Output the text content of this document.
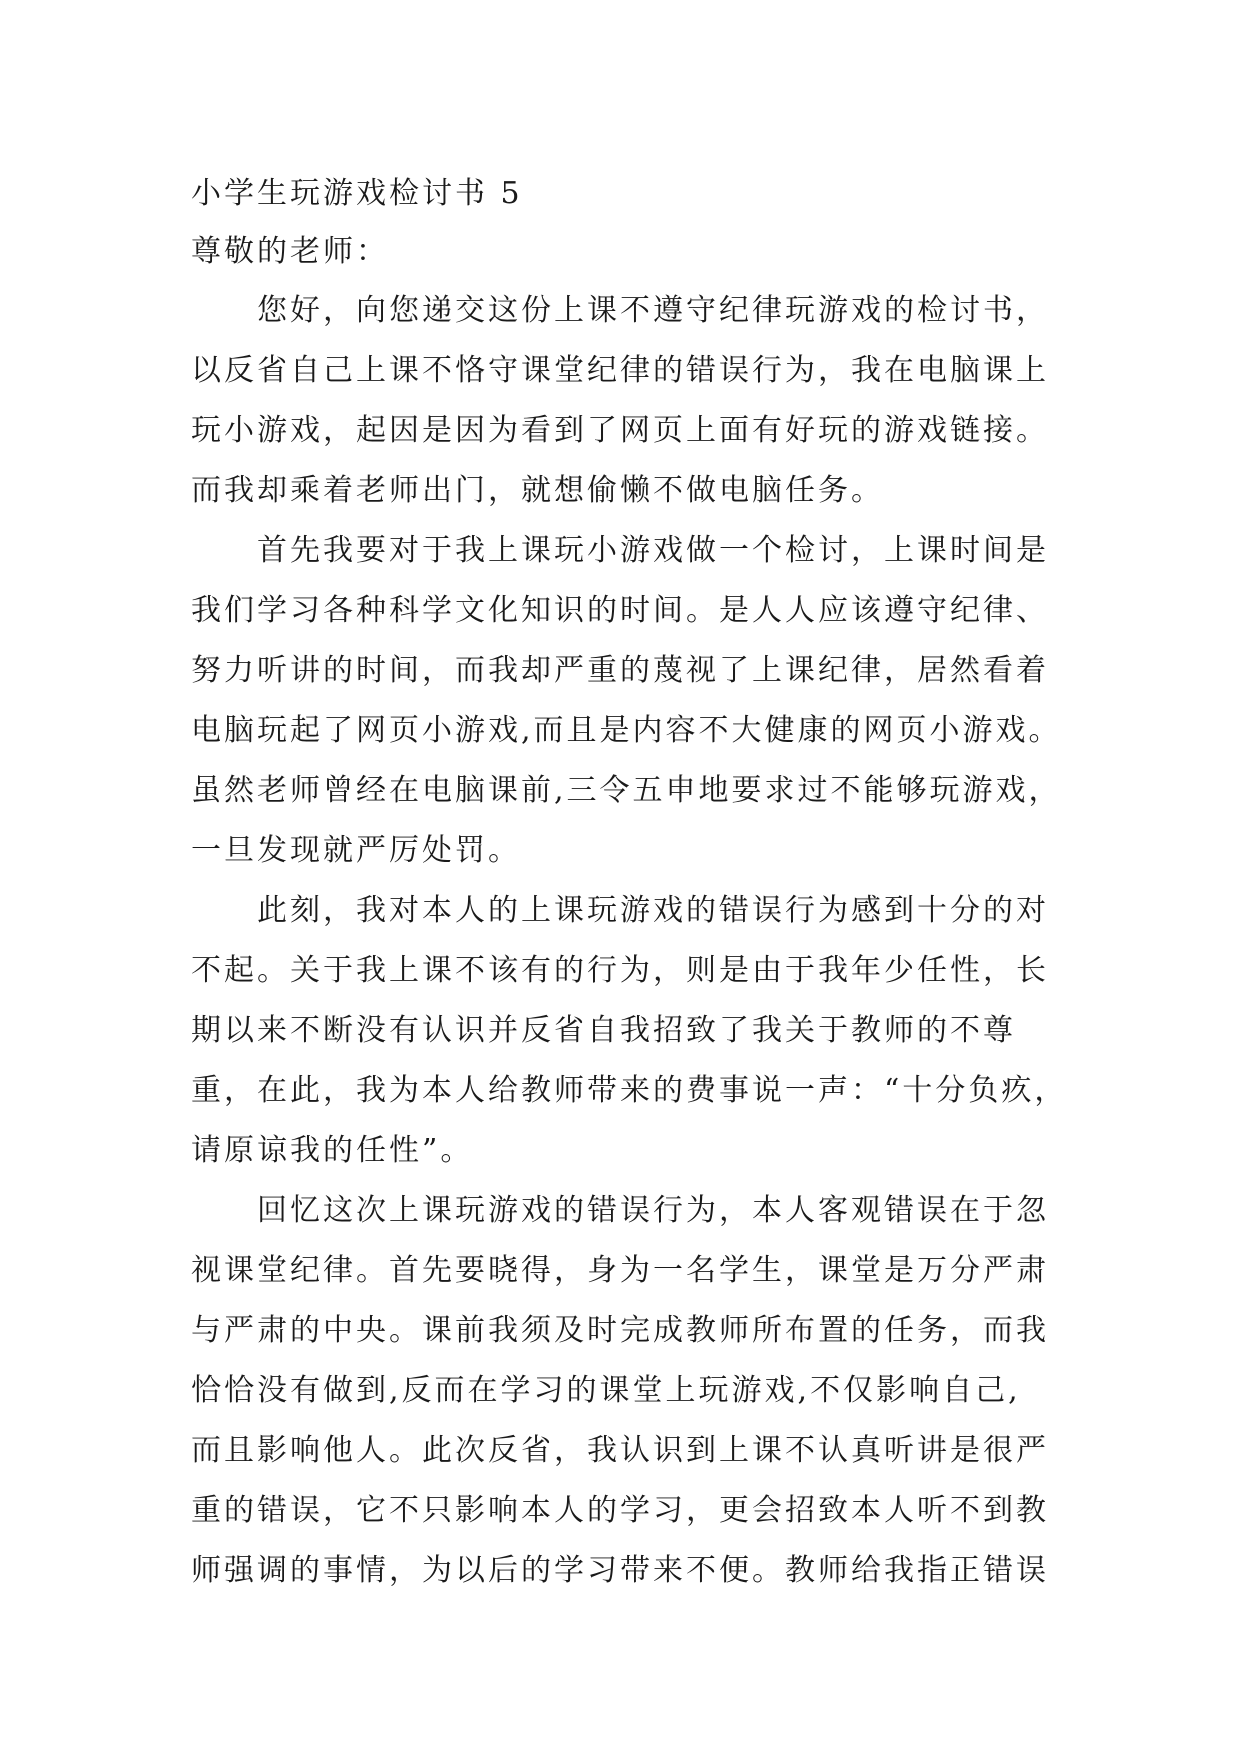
小学生玩游戏检讨书 5
尊敬的老师：
您好，向您递交这份上课不遵守纪律玩游戏的检讨书，
以反省自己上课不恪守课堂纪律的错误行为，我在电脑课上
玩小游戏，起因是因为看到了网页上面有好玩的游戏链接。
而我却乘着老师出门，就想偷懒不做电脑任务。
首先我要对于我上课玩小游戏做一个检讨，上课时间是
我们学习各种科学文化知识的时间。是人人应该遵守纪律、
努力听讲的时间，而我却严重的蔑视了上课纪律，居然看着
电脑玩起了网页小游戏,而且是内容不大健康的网页小游戏。
虽然老师曾经在电脑课前,三令五申地要求过不能够玩游戏，
一旦发现就严厉处罚。
此刻，我对本人的上课玩游戏的错误行为感到十分的对
不起。关于我上课不该有的行为，则是由于我年少任性，长
期以来不断没有认识并反省自我招致了我关于教师的不尊
重，在此，我为本人给教师带来的费事说一声：“十分负疚，
请原谅我的任性”。
回忆这次上课玩游戏的错误行为，本人客观错误在于忽
视课堂纪律。首先要晓得，身为一名学生，课堂是万分严肃
与严肃的中央。课前我须及时完成教师所布置的任务，而我
恰恰没有做到,反而在学习的课堂上玩游戏,不仅影响自己,
而且影响他人。此次反省，我认识到上课不认真听讲是很严
重的错误，它不只影响本人的学习，更会招致本人听不到教
师强调的事情，为以后的学习带来不便。教师给我指正错误
